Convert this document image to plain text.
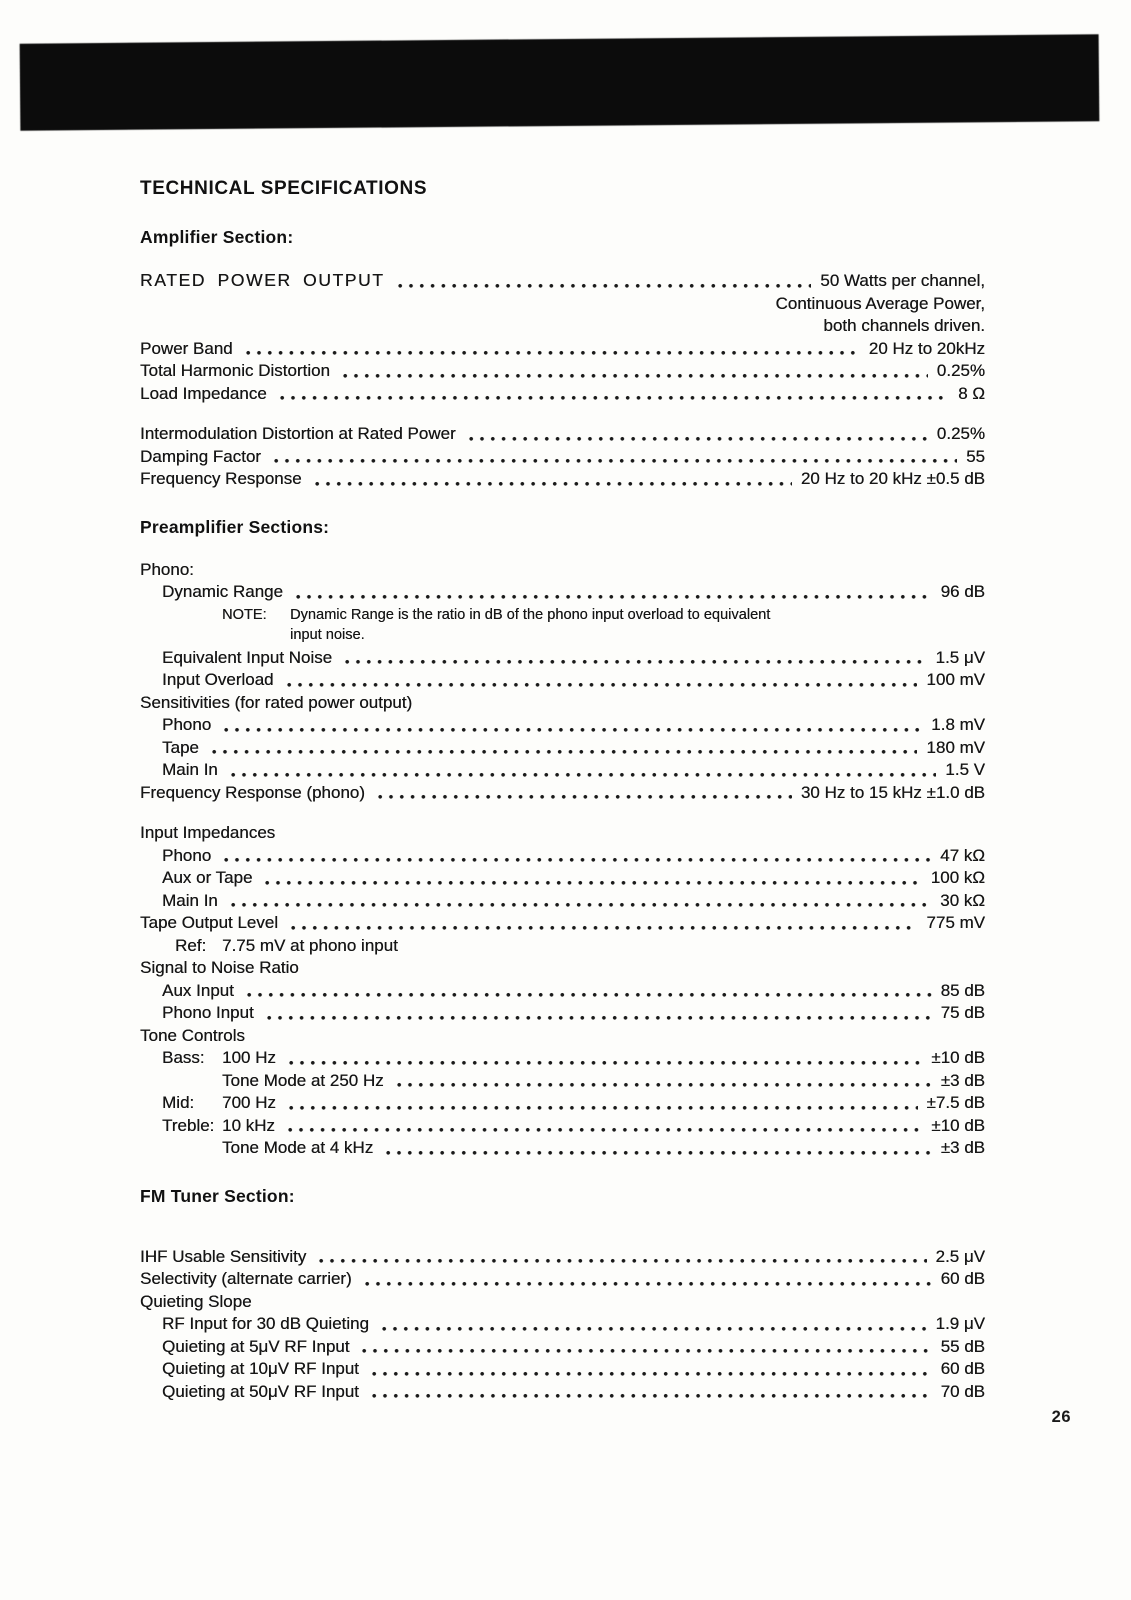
TECHNICAL SPECIFICATIONS
Amplifier Section:
RATED POWER OUTPUT	50 Watts per channel,
Continuous Average Power,
both channels driven.
Power Band	20 Hz to 20kHz
Total Harmonic Distortion	0.25%
Load Impedance	8 Ω
Intermodulation Distortion at Rated Power	0.25%
Damping Factor	55
Frequency Response	20 Hz to 20 kHz ±0.5 dB
Preamplifier Sections:
Phono:
Dynamic Range	96 dB
NOTE:	Dynamic Range is the ratio in dB of the phono input overload to equivalent
input noise.
Equivalent Input Noise	1.5 μV
Input Overload	100 mV
Sensitivities (for rated power output)
Phono	1.8 mV
Tape	180 mV
Main In	1.5 V
Frequency Response (phono)	30 Hz to 15 kHz ±1.0 dB
Input Impedances
Phono	47 kΩ
Aux or Tape	100 kΩ
Main In	30 kΩ
Tape Output Level	775 mV
Ref: 7.75 mV at phono input
Signal to Noise Ratio
Aux Input	85 dB
Phono Input	75 dB
Tone Controls
Bass:	100 Hz	±10 dB
Tone Mode at 250 Hz	±3 dB
Mid:	700 Hz	±7.5 dB
Treble: 10 kHz	±10 dB
Tone Mode at 4 kHz	±3 dB
FM Tuner Section:
IHF Usable Sensitivity	2.5 μV
Selectivity (alternate carrier)	60 dB
Quieting Slope
RF Input for 30 dB Quieting	1.9 μV
Quieting at 5μV RF Input	55 dB
Quieting at 10μV RF Input	60 dB
Quieting at 50μV RF Input	70 dB
26
